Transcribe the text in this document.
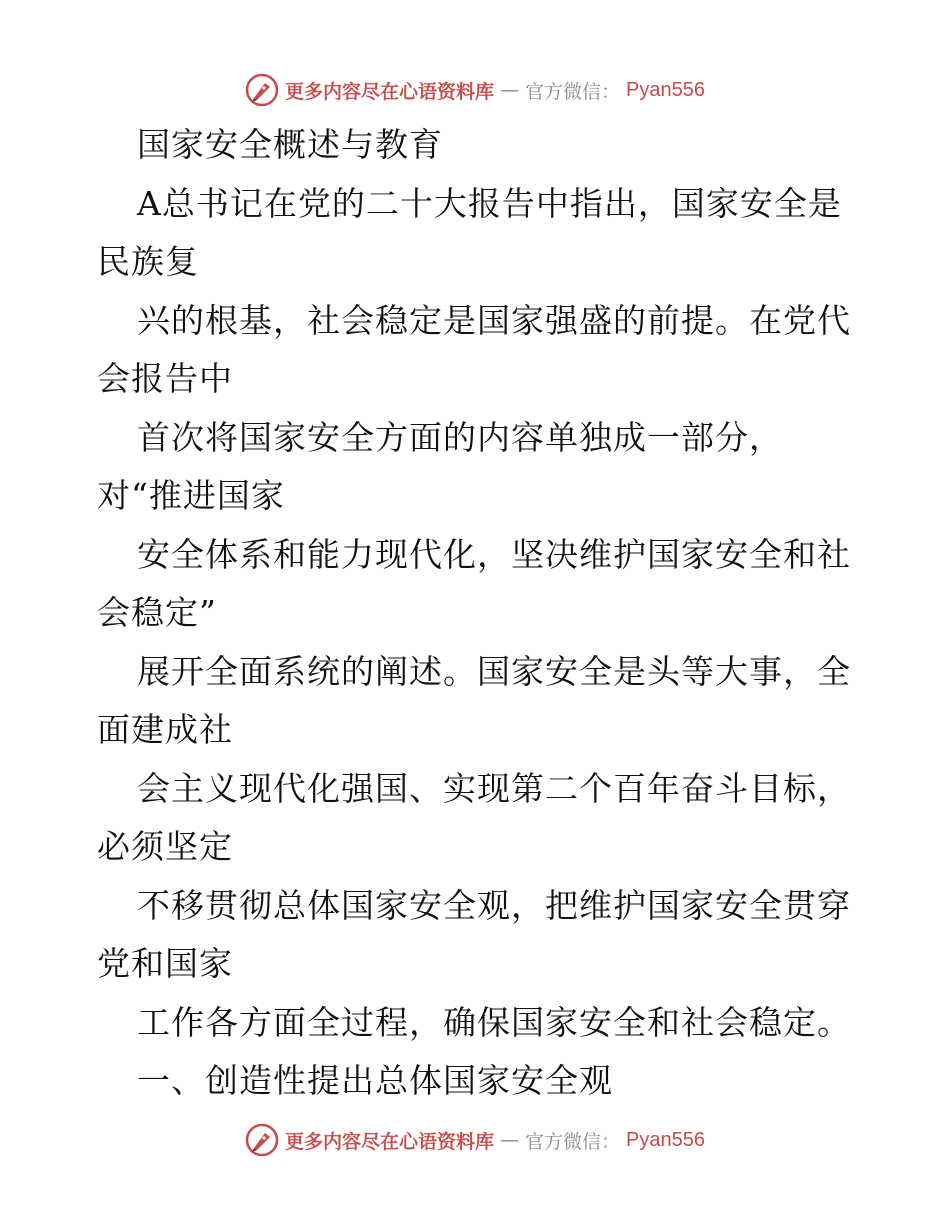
更多内容尽在心语资料库 — 官方微信： Pyan556
国家安全概述与教育
A总书记在党的二十大报告中指出，国家安全是
民族复
兴的根基，社会稳定是国家强盛的前提。在党代
会报告中
首次将国家安全方面的内容单独成一部分，
对“推进国家
安全体系和能力现代化，坚决维护国家安全和社
会稳定”
展开全面系统的阐述。国家安全是头等大事，全
面建成社
会主义现代化强国、实现第二个百年奋斗目标，
必须坚定
不移贯彻总体国家安全观，把维护国家安全贯穿
党和国家
工作各方面全过程，确保国家安全和社会稳定。
一、创造性提出总体国家安全观
更多内容尽在心语资料库 — 官方微信： Pyan556
